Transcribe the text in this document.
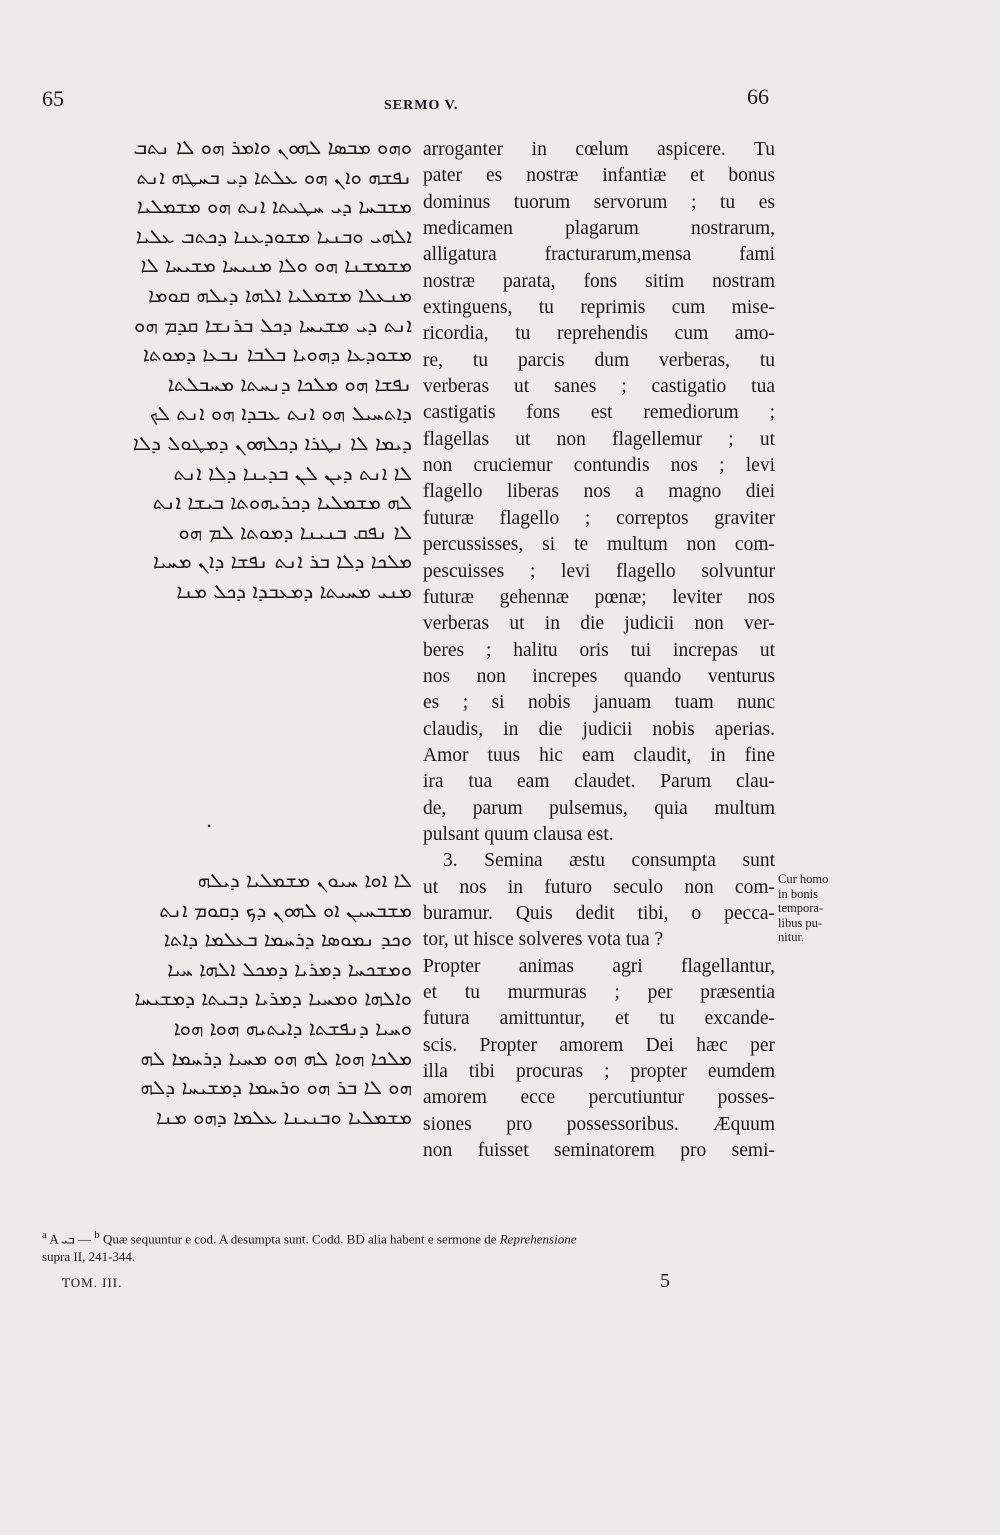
65	SERMO V.	66
ܘܗܘ ܡܒܣܐ ܠܗܘܢ ܘܐܡܪ ܗܘ ܠܐ ܢܬܒ
ܢܦܫܗ ܘܐܢ ܗܘ ܥܠܬܐ ܕܝ ܒܚܛܗ ܐܢܬ
ܡܫܒܚܐ ܕܝ ܚܛܝܬܐ ܐܢܬ ܗܘ ܡܫܡܠܝܐ
ܐܠܗܝ ܘܒܢܝܐ ܡܫܘܕܥܢܐ ܕܟܬܒ ܥܠܝܐ
ܡܫܡܫܢܐ ܗܘ ܘܠܐ ܡܢܝܚܐ ܡܫܝܚܐ ܠܐ
ܡܢܥܠܐ ܡܫܡܠܝܐ ܐܠܗܐ ܕܝܠܗ ܩܘܡܐ
ܐܢܬ ܕܝ ܡܫܝܚܐ ܕܟܠ ܒܪܢܫܐ ܩܕܡ ܗܘ
ܡܫܘܕܥܐ ܕܗܘܝܐ ܒܠܒܐ ܢܒܥܐ ܕܡܘܬܐ
ܢܦܫܐ ܗܘ ܡܠܟܐ ܕܢܚܬܐ ܡܚܒܠܬܐ
ܕܐܬܚܝܠ ܗܘ ܐܢܬ ܥܒܕܐ ܗܘ ܐܢܬ ܠܟ
ܕܝܡܐ ܠܐ ܢܛܪܐ ܕܟܠܗܘܢ ܕܡܛܘܠ ܕܠܐ
ܠܐ ܐܢܬ ܕܝܢ ܠܢ ܒܕܝܢܐ ܕܠܐ ܐܢܬ
ܠܗ ܡܫܡܠܝܐ ܕܟܪܝܗܘܬܐ ܒܝܫܐ ܐܢܬ
ܠܐ ܢܦܩ ܒܢܝܢܐ ܕܡܘܬܐ ܠܡ ܗܘ
ܡܠܟܐ ܕܠܐ ܒܪ ܐܢܬ ܢܦܫܐ ܕܐܢ ܡܚܝܐ
ܡܢܝ ܡܚܝܬܐ ܕܡܥܒܕܐ ܕܟܠ ܡܢܐ
.
ܠܐ ܐܘܐ ܚܝܘܢ ܡܫܡܠܝܐ ܕܝܠܗ
ܡܫܒܚܝܢ ܐܘ ܠܗܘܢ ܕܟ ܕܩܘܡ ܐܢܬ
ܘܟܕ ܢܡܘܣܐ ܕܪܚܡܐ ܒܥܠܡܐ ܕܐܬܐ
ܘܡܫܟܚܐ ܕܡܪܝܐ ܕܡܟܠ ܐܠܗܐ ܚܝܐ
ܘܐܠܗܐ ܘܡܚܝܐ ܕܡܪܝܐ ܕܒܝܬܐ ܕܡܫܝܚܐ
ܘܚܝܐ ܕܢܦܫܬܐ ܕܐܝܬܝܗ ܗܘܐ ܗܘܐ
ܡܠܟܐ ܗܘܐ ܠܗ ܗܘ ܡܚܝܐ ܕܪܚܡܐ ܠܗ
ܗܘ ܠܐ ܒܪ ܗܘ ܘܪܚܡܐ ܕܡܫܝܚܐ ܕܠܗ
ܡܫܡܠܝܐ ܘܒܢܝܢܐ ܥܠܡܐ ܕܗܘ ܡܢܐ
arroganter in cœlum aspicere. Tu
pater es nostræ infantiæ et bonus
dominus tuorum servorum ; tu es
medicamen plagarum nostrarum,
alligatura fracturarum,mensa fami
nostræ parata, fons sitim nostram
extinguens, tu reprimis cum mise-
ricordia, tu reprehendis cum amo-
re, tu parcis dum verberas, tu
verberas ut sanes ; castigatio tua
castigatis fons est remediorum ;
flagellas ut non flagellemur ; ut
non cruciemur contundis nos ; levi
flagello liberas nos a magno diei
futuræ flagello ; correptos graviter
percussisses, si te multum non com-
pescuisses ; levi flagello solvuntur
futuræ gehennæ pœnæ; leviter nos
verberas ut in die judicii non ver-
beres ; halitu oris tui increpas ut
nos non increpes quando venturus
es ; si nobis januam tuam nunc
claudis, in die judicii nobis aperias.
Amor tuus hic eam claudit, in fine
ira tua eam claudet. Parum clau-
de, parum pulsemus, quia multum
pulsant quum clausa est.
3. Semina æstu consumpta sunt
ut nos in futuro seculo non com-
buramur. Quis dedit tibi, o pecca-
tor, ut hisce solveres vota tua ?
Propter animas agri flagellantur,
et tu murmuras ; per præsentia
futura amittuntur, et tu excande-
scis. Propter amorem Dei hæc per
illa tibi procuras ; propter eumdem
amorem ecce percutiuntur posses-
siones pro possessoribus. Æquum
non fuisset seminatorem pro semi-
Cur homo
in bonis
tempora-
libus pu-
nitur.
$^a$ A ܒܝ — $^b$ Quæ sequuntur e cod. A desumpta sunt. Codd. BD alia habent e sermone de Reprehensione
supra II, 241-344.
TOM. III.	5
